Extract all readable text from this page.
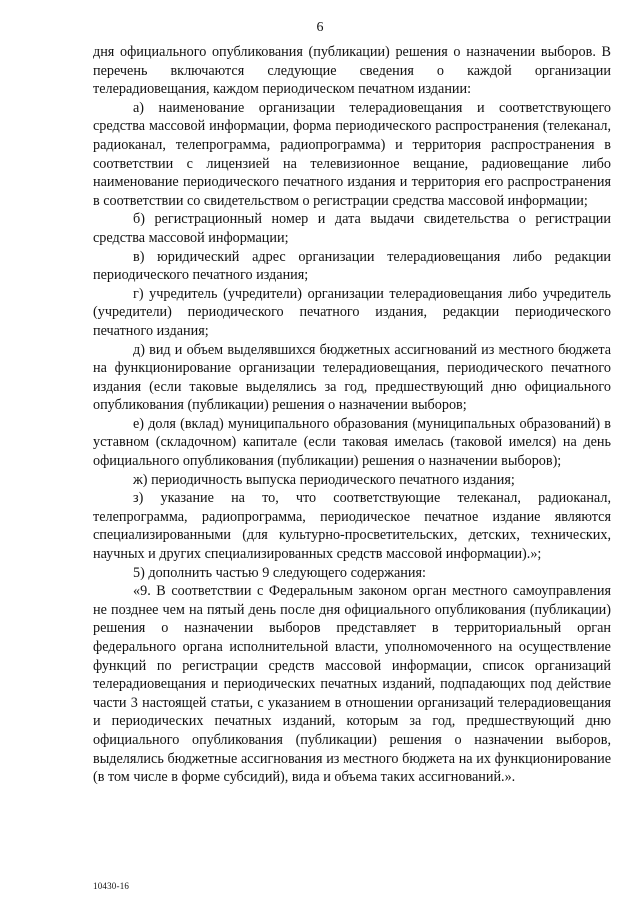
6

дня официального опубликования (публикации) решения о назначении выборов. В перечень включаются следующие сведения о каждой организации телерадиовещания, каждом периодическом печатном издании:

а) наименование организации телерадиовещания и соответствующего средства массовой информации, форма периодического распространения (телеканал, радиоканал, телепрограмма, радиопрограмма) и территория распространения в соответствии с лицензией на телевизионное вещание, радиовещание либо наименование периодического печатного издания и территория его распространения в соответствии со свидетельством о регистрации средства массовой информации;

б) регистрационный номер и дата выдачи свидетельства о регистрации средства массовой информации;

в) юридический адрес организации телерадиовещания либо редакции периодического печатного издания;

г) учредитель (учредители) организации телерадиовещания либо учредитель (учредители) периодического печатного издания, редакции периодического печатного издания;

д) вид и объем выделявшихся бюджетных ассигнований из местного бюджета на функционирование организации телерадиовещания, периодического печатного издания (если таковые выделялись за год, предшествующий дню официального опубликования (публикации) решения о назначении выборов;

е) доля (вклад) муниципального образования (муниципальных образований) в уставном (складочном) капитале (если таковая имелась (таковой имелся) на день официального опубликования (публикации) решения о назначении выборов);

ж) периодичность выпуска периодического печатного издания;

з) указание на то, что соответствующие телеканал, радиоканал, телепрограмма, радиопрограмма, периодическое печатное издание являются специализированными (для культурно-просветительских, детских, технических, научных и других специализированных средств массовой информации).»;

5) дополнить частью 9 следующего содержания:

«9. В соответствии с Федеральным законом орган местного самоуправления не позднее чем на пятый день после дня официального опубликования (публикации) решения о назначении выборов представляет в территориальный орган федерального органа исполнительной власти, уполномоченного на осуществление функций по регистрации средств массовой информации, список организаций телерадиовещания и периодических печатных изданий, подпадающих под действие части 3 настоящей статьи, с указанием в отношении организаций телерадиовещания и периодических печатных изданий, которым за год, предшествующий дню официального опубликования (публикации) решения о назначении выборов, выделялись бюджетные ассигнования из местного бюджета на их функционирование (в том числе в форме субсидий), вида и объема таких ассигнований.».

10430-16
